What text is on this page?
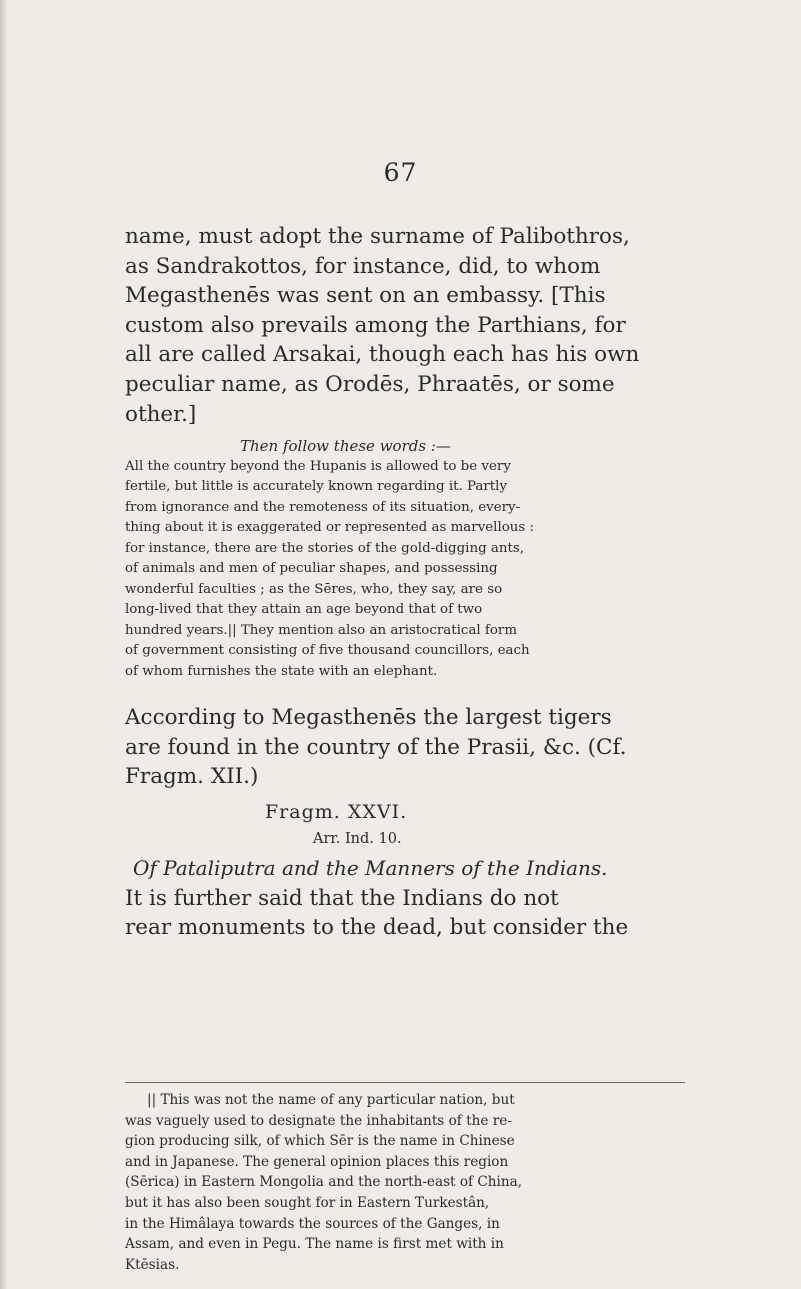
67
name, must adopt the surname of Palibothros,
as Sandrakottos, for instance, did, to whom
Megasthenēs was sent on an embassy. [This
custom also prevails among the Parthians, for
all are called Arsakai, though each has his own
peculiar name, as Orodēs, Phraatēs, or some
other.]
Then follow these words :—
All the country beyond the Hupanis is allowed to be very
fertile, but little is accurately known regarding it. Partly
from ignorance and the remoteness of its situation, every-
thing about it is exaggerated or represented as marvellous :
for instance, there are the stories of the gold-digging ants,
of animals and men of peculiar shapes, and possessing
wonderful faculties ; as the Sēres, who, they say, are so
long-lived that they attain an age beyond that of two
hundred years.|| They mention also an aristocratical form
of government consisting of five thousand councillors, each
of whom furnishes the state with an elephant.
According to Megasthenēs the largest tigers
are found in the country of the Prasii, &c. (Cf.
Fragm. XII.)
Fragm. XXVI.
Arr. Ind. 10.
Of Pataliputra and the Manners of the Indians.
It is further said that the Indians do not
rear monuments to the dead, but consider the
|| This was not the name of any particular nation, but
was vaguely used to designate the inhabitants of the re-
gion producing silk, of which Sēr is the name in Chinese
and in Japanese. The general opinion places this region
(Sērica) in Eastern Mongolia and the north-east of China,
but it has also been sought for in Eastern Turkestân,
in the Himâlaya towards the sources of the Ganges, in
Assam, and even in Pegu. The name is first met with in
Ktēsias.
